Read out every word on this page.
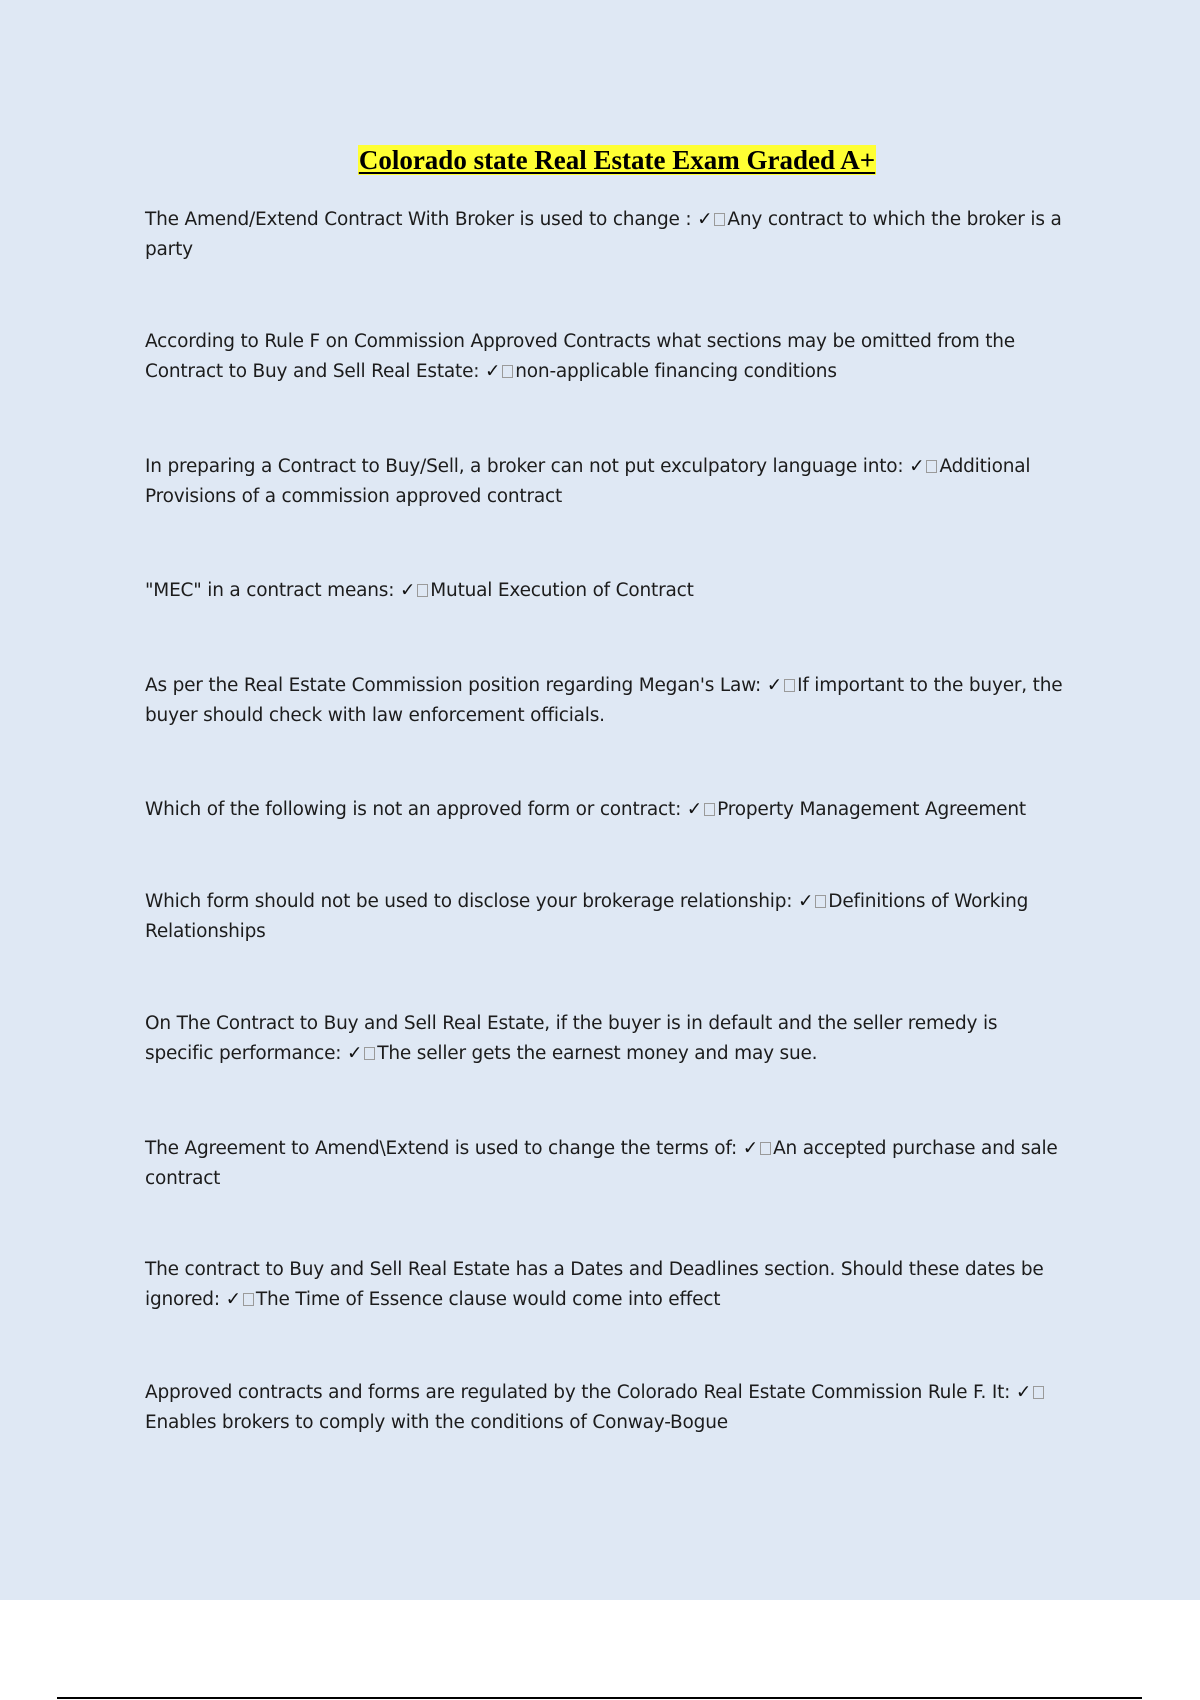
Colorado state Real Estate Exam Graded A+
The Amend/Extend Contract With Broker is used to change : ✓ Any contract to which the broker is a party
According to Rule F on Commission Approved Contracts what sections may be omitted from the Contract to Buy and Sell Real Estate: ✓ non-applicable financing conditions
In preparing a Contract to Buy/Sell, a broker can not put exculpatory language into: ✓ Additional Provisions of a commission approved contract
"MEC" in a contract means: ✓ Mutual Execution of Contract
As per the Real Estate Commission position regarding Megan's Law: ✓ If important to the buyer, the buyer should check with law enforcement officials.
Which of the following is not an approved form or contract: ✓ Property Management Agreement
Which form should not be used to disclose your brokerage relationship: ✓ Definitions of Working Relationships
On The Contract to Buy and Sell Real Estate, if the buyer is in default and the seller remedy is specific performance: ✓ The seller gets the earnest money and may sue.
The Agreement to Amend\Extend is used to change the terms of: ✓ An accepted purchase and sale contract
The contract to Buy and Sell Real Estate has a Dates and Deadlines section. Should these dates be ignored: ✓ The Time of Essence clause would come into effect
Approved contracts and forms are regulated by the Colorado Real Estate Commission Rule F. It: ✓Enables brokers to comply with the conditions of Conway-Bogue
